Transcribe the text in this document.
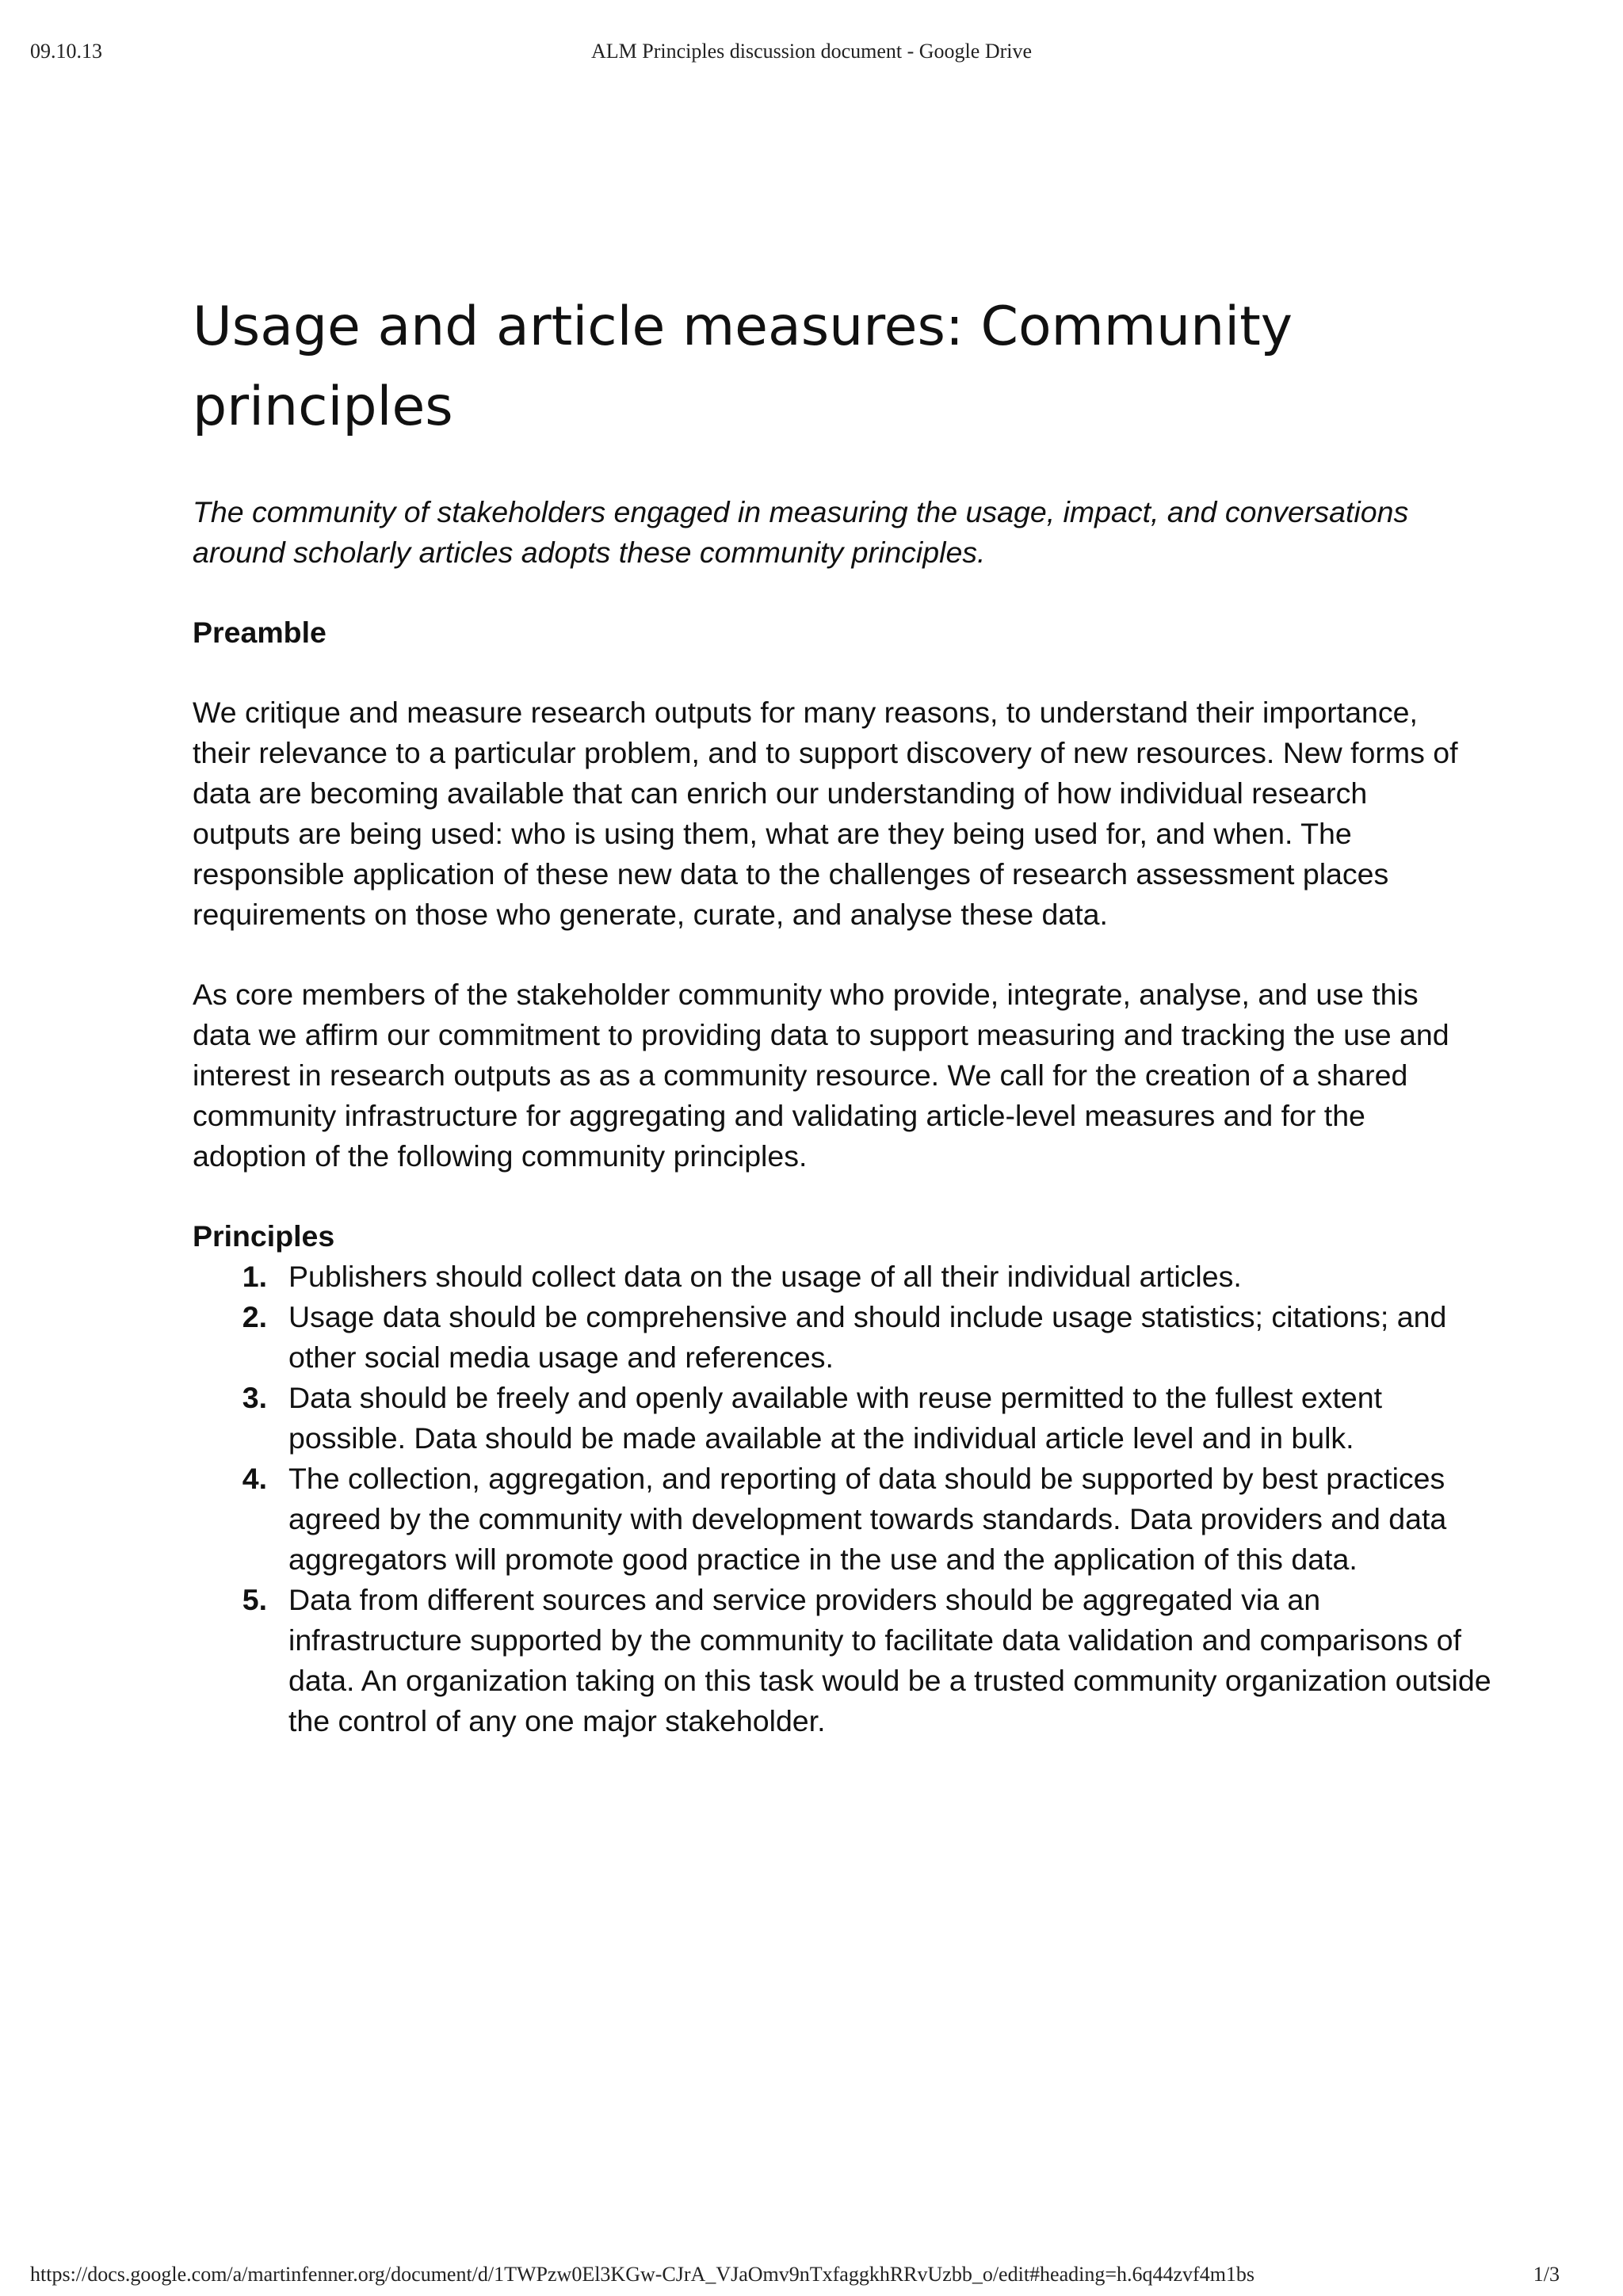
09.10.13	ALM Principles discussion document - Google Drive
Usage and article measures: Community principles

The community of stakeholders engaged in measuring the usage, impact, and conversations around scholarly articles adopts these community principles.

Preamble

We critique and measure research outputs for many reasons, to understand their importance, their relevance to a particular problem, and to support discovery of new resources. New forms of data are becoming available that can enrich our understanding of how individual research outputs are being used: who is using them, what are they being used for, and when. The responsible application of these new data to the challenges of research assessment places requirements on those who generate, curate, and analyse these data.

As core members of the stakeholder community who provide, integrate, analyse, and use this data we affirm our commitment to providing data to support measuring and tracking the use and interest in research outputs as as a community resource. We call for the creation of a shared community infrastructure for aggregating and validating article-level measures and for the adoption of the following community principles.

Principles
1. Publishers should collect data on the usage of all their individual articles.
2. Usage data should be comprehensive and should include usage statistics; citations; and other social media usage and references.
3. Data should be freely and openly available with reuse permitted to the fullest extent possible. Data should be made available at the individual article level and in bulk.
4. The collection, aggregation, and reporting of data should be supported by best practices agreed by the community with development towards standards. Data providers and data aggregators will promote good practice in the use and the application of this data.
5. Data from different sources and service providers should be aggregated via an infrastructure supported by the community to facilitate data validation and comparisons of data. An organization taking on this task would be a trusted community organization outside the control of any one major stakeholder.
https://docs.google.com/a/martinfenner.org/document/d/1TWPzw0El3KGw-CJrA_VJaOmv9nTxfaggkhRRvUzbb_o/edit#heading=h.6q44zvf4m1bs	1/3
